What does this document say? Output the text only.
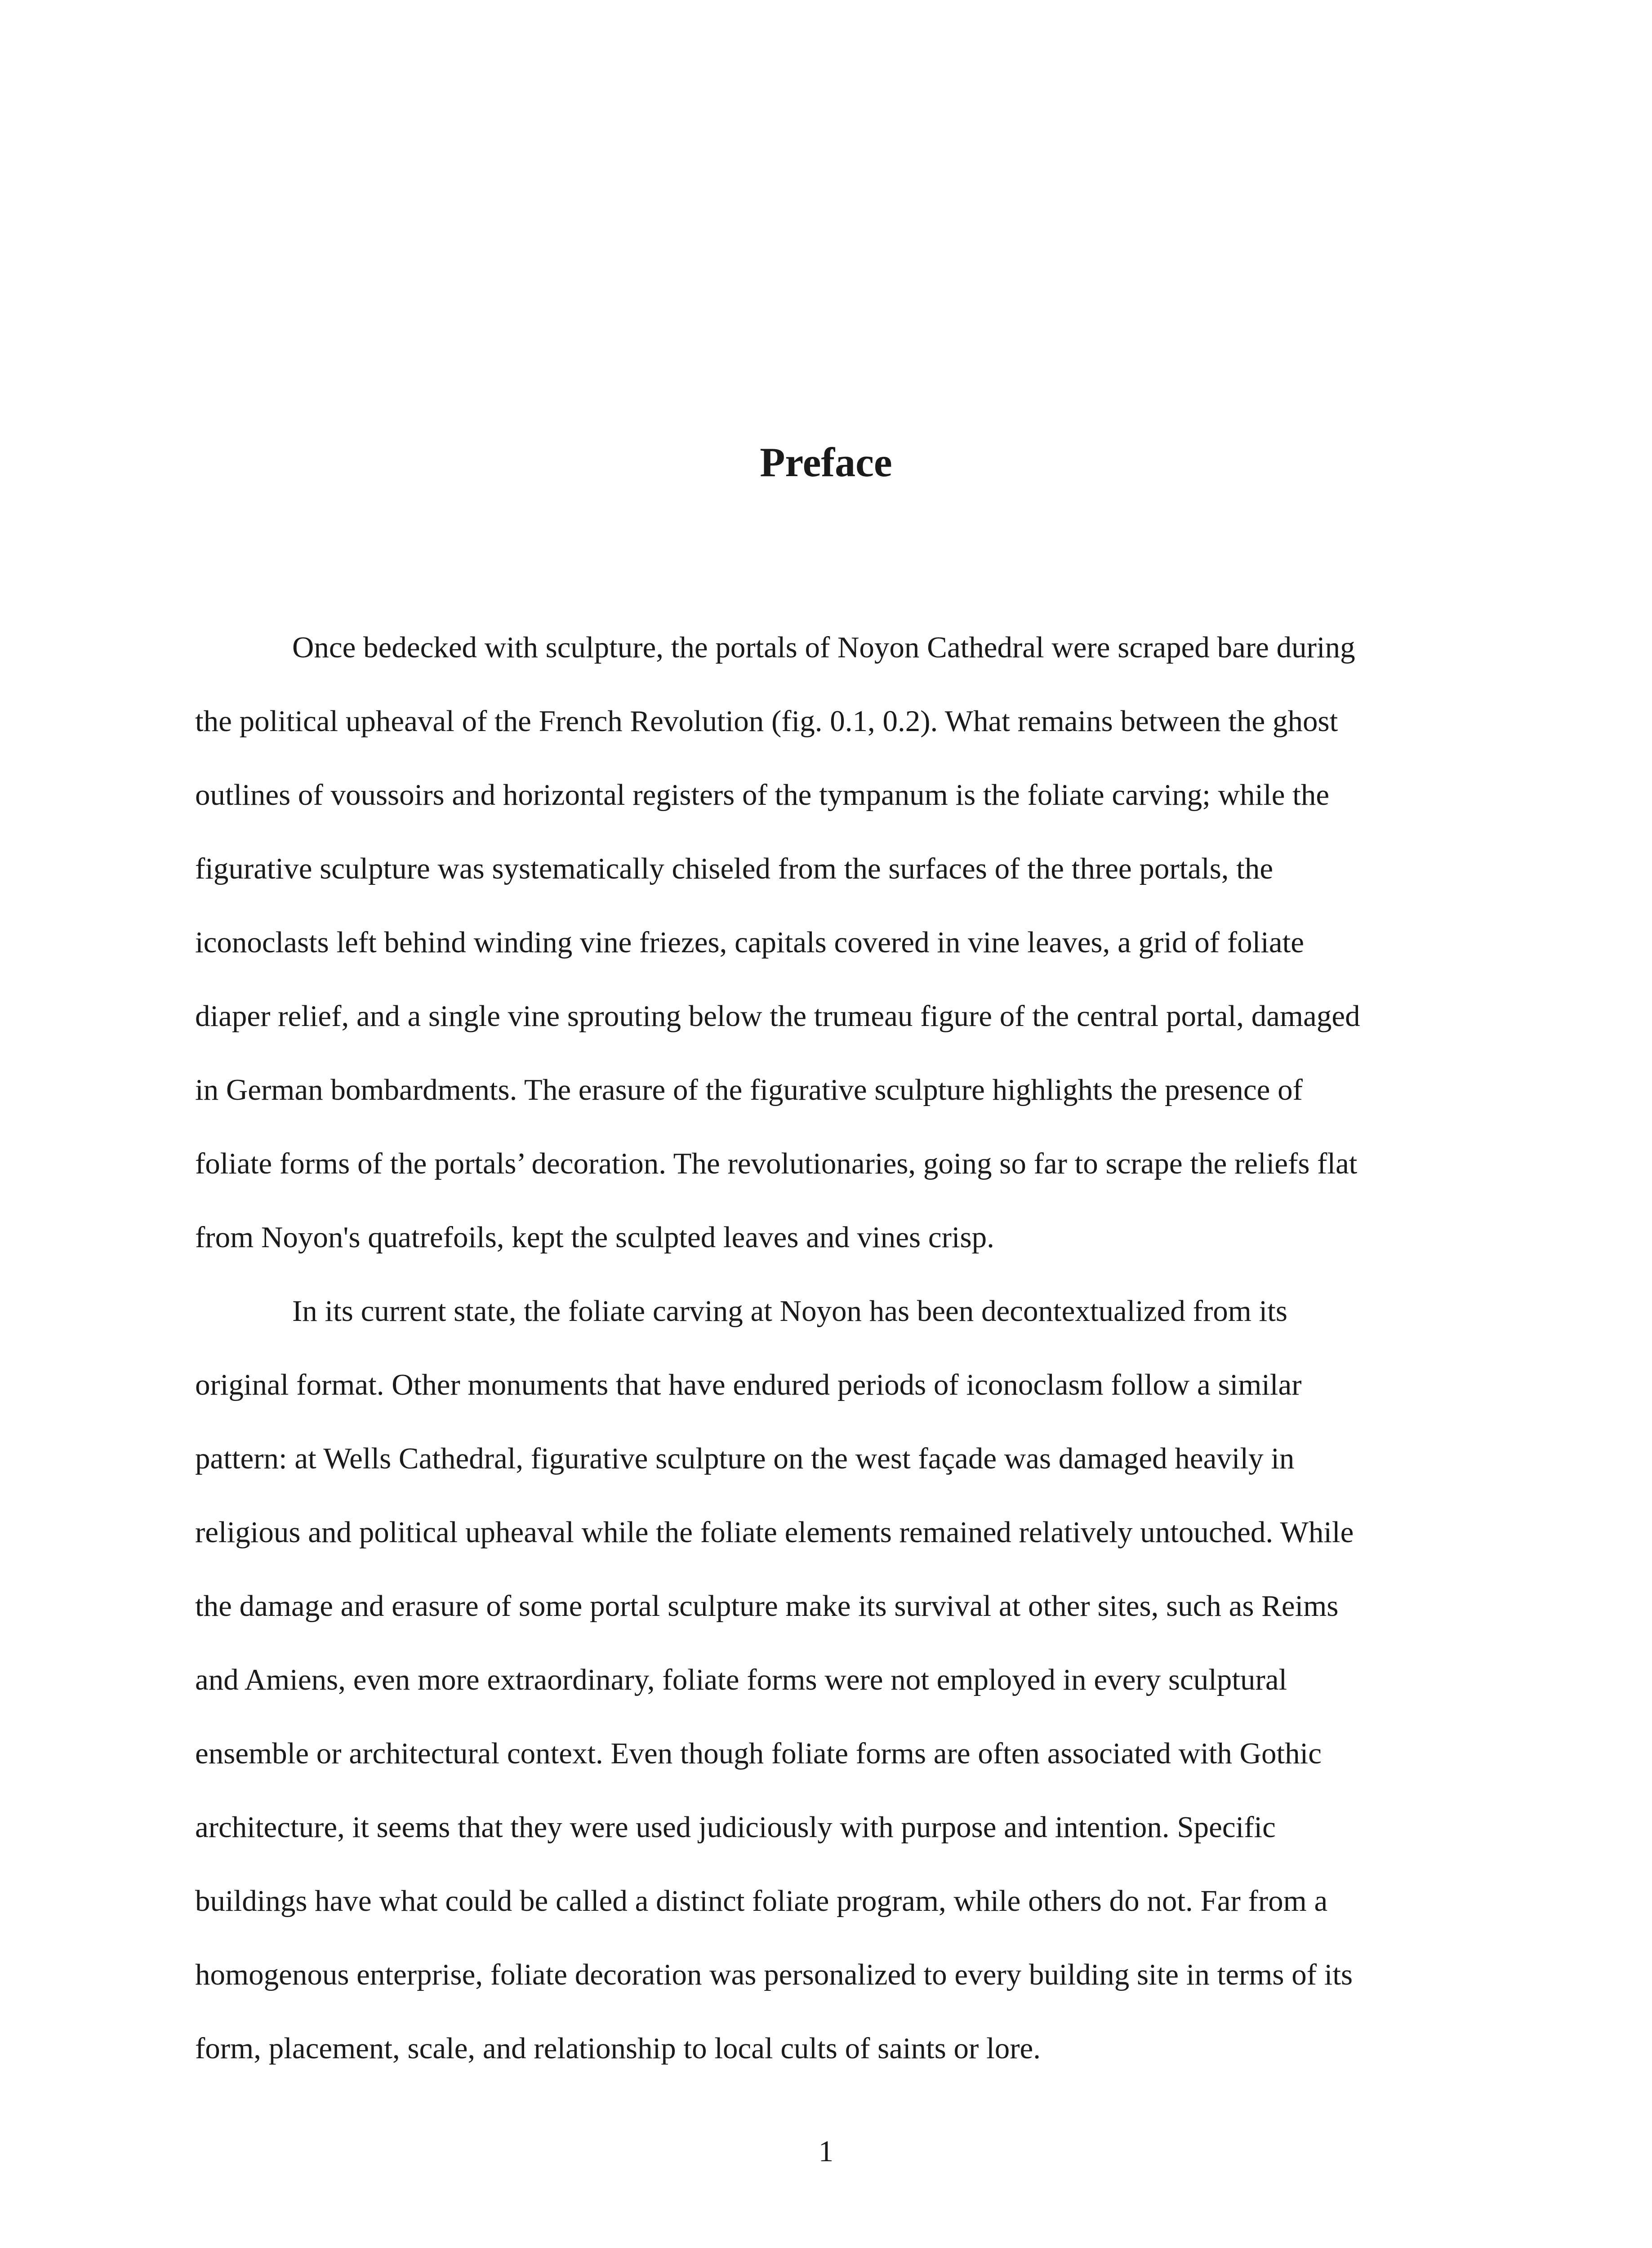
Preface
Once bedecked with sculpture, the portals of Noyon Cathedral were scraped bare during
the political upheaval of the French Revolution (fig. 0.1, 0.2). What remains between the ghost
outlines of voussoirs and horizontal registers of the tympanum is the foliate carving; while the
figurative sculpture was systematically chiseled from the surfaces of the three portals, the
iconoclasts left behind winding vine friezes, capitals covered in vine leaves, a grid of foliate
diaper relief, and a single vine sprouting below the trumeau figure of the central portal, damaged
in German bombardments. The erasure of the figurative sculpture highlights the presence of
foliate forms of the portals’ decoration. The revolutionaries, going so far to scrape the reliefs flat
from Noyon's quatrefoils, kept the sculpted leaves and vines crisp.
In its current state, the foliate carving at Noyon has been decontextualized from its
original format. Other monuments that have endured periods of iconoclasm follow a similar
pattern: at Wells Cathedral, figurative sculpture on the west façade was damaged heavily in
religious and political upheaval while the foliate elements remained relatively untouched. While
the damage and erasure of some portal sculpture make its survival at other sites, such as Reims
and Amiens, even more extraordinary, foliate forms were not employed in every sculptural
ensemble or architectural context. Even though foliate forms are often associated with Gothic
architecture, it seems that they were used judiciously with purpose and intention. Specific
buildings have what could be called a distinct foliate program, while others do not. Far from a
homogenous enterprise, foliate decoration was personalized to every building site in terms of its
form, placement, scale, and relationship to local cults of saints or lore.

1
